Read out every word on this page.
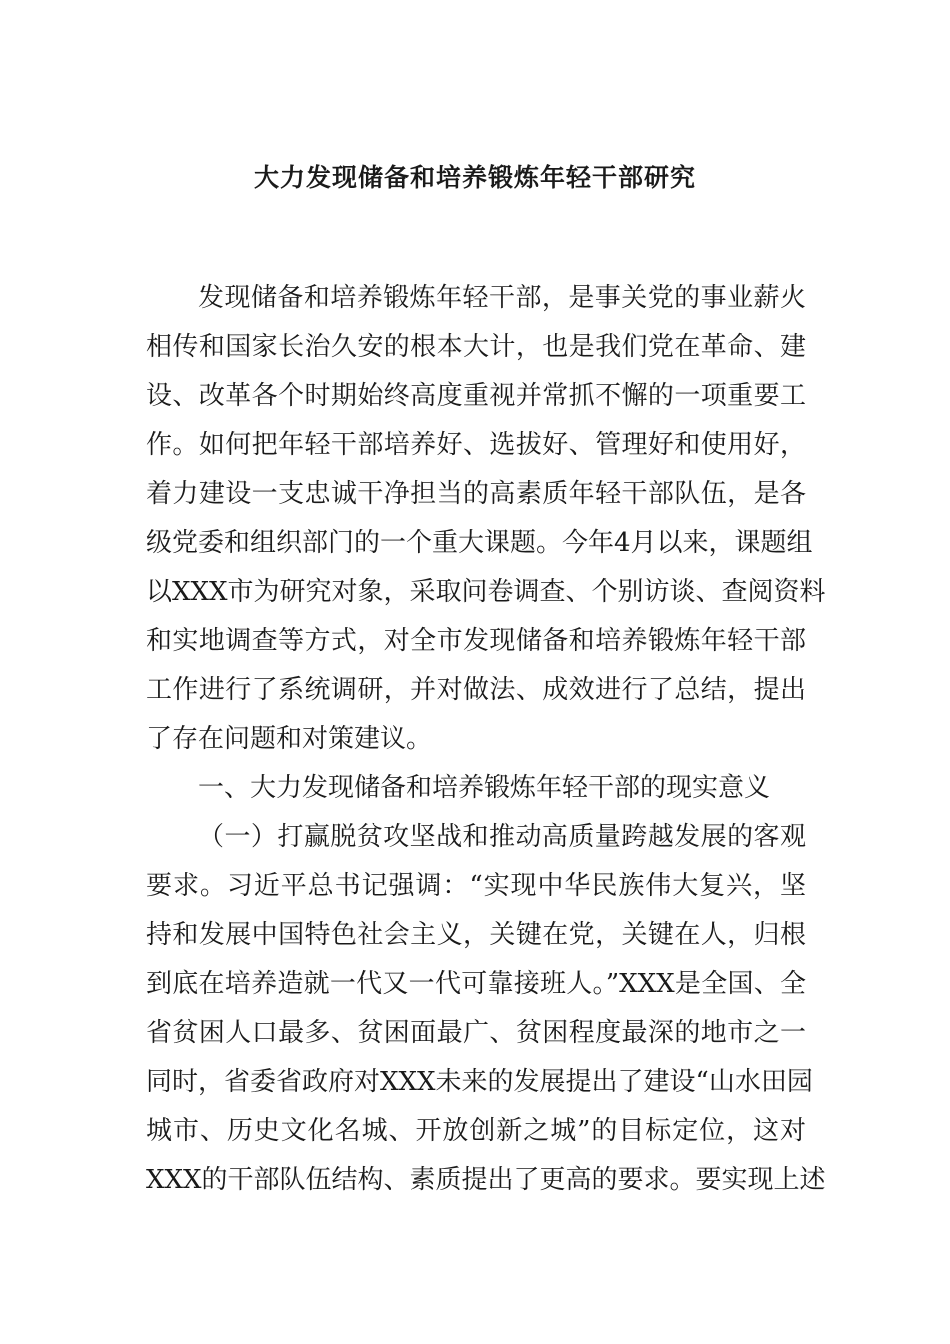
大力发现储备和培养锻炼年轻干部研究
发现储备和培养锻炼年轻干部，是事关党的事业薪火
相传和国家长治久安的根本大计，也是我们党在革命、建
设、改革各个时期始终高度重视并常抓不懈的一项重要工
作。如何把年轻干部培养好、选拔好、管理好和使用好，
着力建设一支忠诚干净担当的高素质年轻干部队伍，是各
级党委和组织部门的一个重大课题。今年4月以来，课题组
以XXX市为研究对象，采取问卷调查、个别访谈、查阅资料
和实地调查等方式，对全市发现储备和培养锻炼年轻干部
工作进行了系统调研，并对做法、成效进行了总结，提出
了存在问题和对策建议。
一、大力发现储备和培养锻炼年轻干部的现实意义
（一）打赢脱贫攻坚战和推动高质量跨越发展的客观
要求。习近平总书记强调：“实现中华民族伟大复兴，坚
持和发展中国特色社会主义，关键在党，关键在人，归根
到底在培养造就一代又一代可靠接班人。”XXX是全国、全
省贫困人口最多、贫困面最广、贫困程度最深的地市之一
同时，省委省政府对XXX未来的发展提出了建设“山水田园
城市、历史文化名城、开放创新之城”的目标定位，这对
XXX的干部队伍结构、素质提出了更高的要求。要实现上述
